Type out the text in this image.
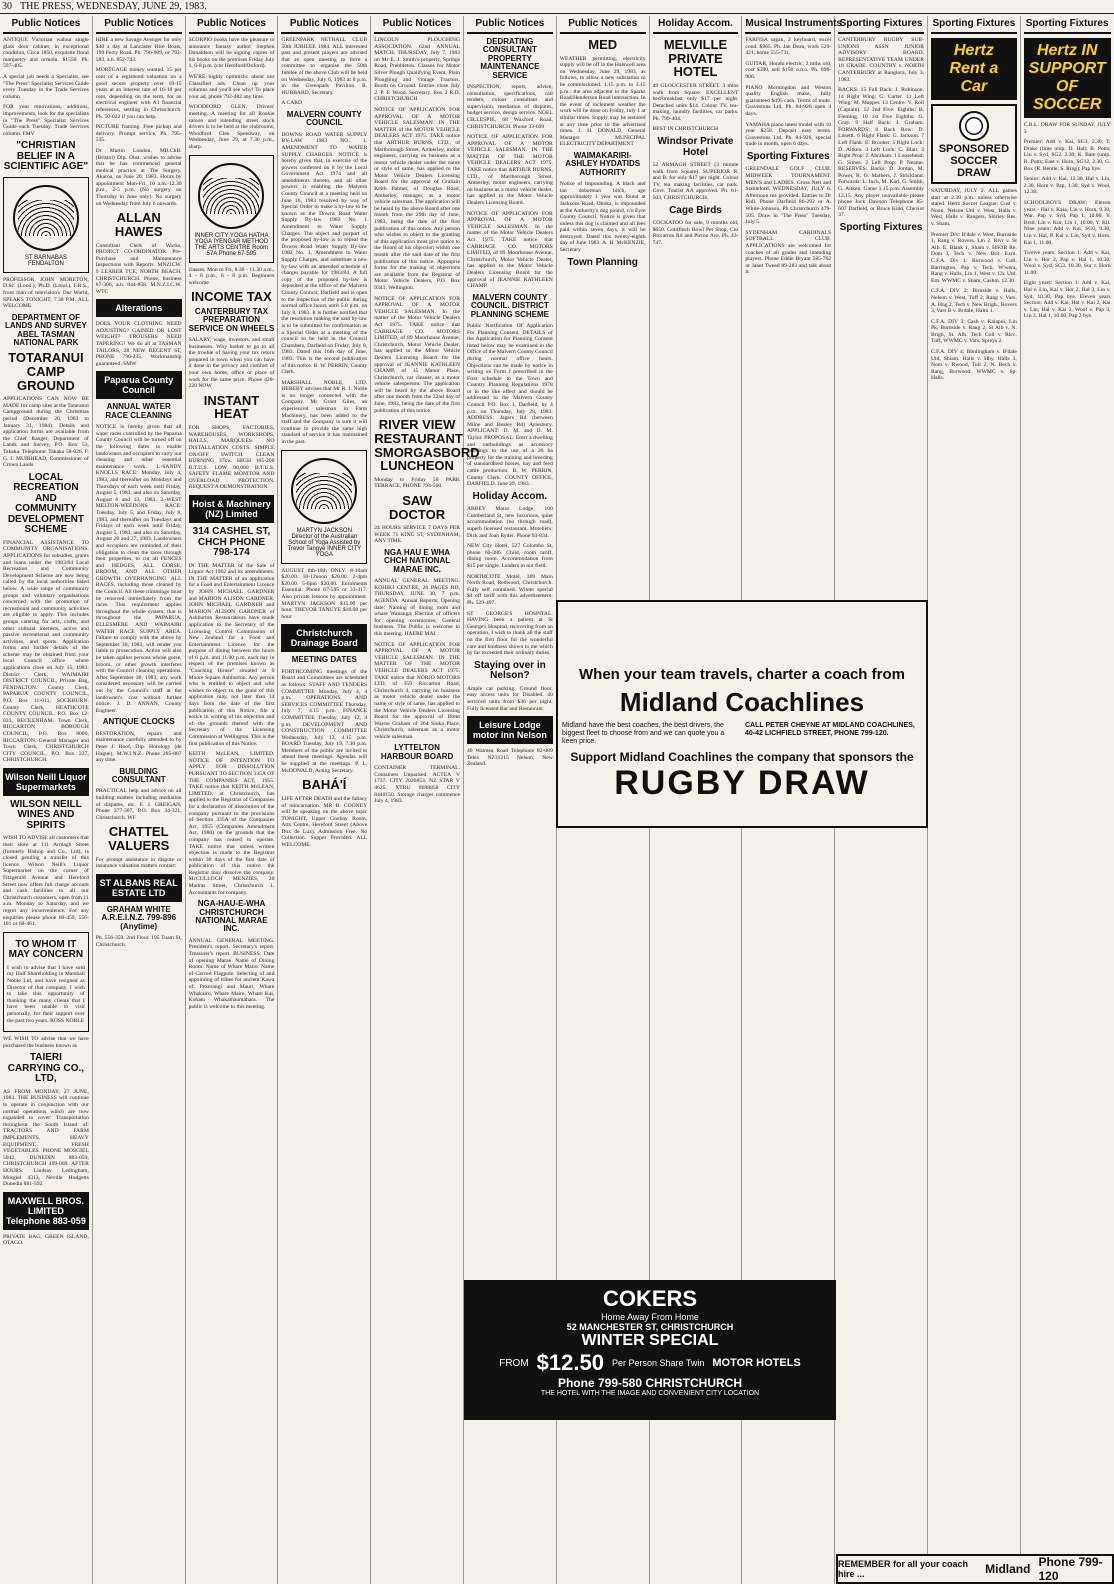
30 THE PRESS, WEDNESDAY, JUNE 29, 1983.
Public Notices
ANTIQUE Victorian walnut single glass door cabinet, in exceptional condition, Circa 1850, exquisite floral marquetry and ormolu. $1550. Ph. 597-405.
A special job needs a Specialist, see "The Press" Specialist Services Guide every Tuesday in the Trade Services column.
FOR your renovations, additions, improvements, look for the specialists in "The Press" Specialist Services Guide each Tuesday. Trade Services column. FMV
"CHRISTIAN BELIEF IN A SCIENTIFIC AGE"
ST BARNABAS FENDALTON
PROFESSOR JOHN MORETON, D.Sc. (Lond.), Ph.D. (Lond.), F.R.S., front man of television's Our World, SPEAKS TONIGHT, 7.30 P.M. ALL WELCOME.
DEPARTMENT OF LANDS AND SURVEY ABEL TASMAN NATIONAL PARK
TOTARANUI CAMP GROUND
APPLICATIONS CAN NOW BE MADE for camp sites at the Totaranui Campground during the Christmas period (December 20, 1983 to January 31, 1984). Details and application forms are available from the Chief Ranger, Department of Lands and Survey, P.O. Box 53, Takaka. Telephone: Takaka 58-026. F. G. J. MUIRHEAD, Commissioner of Crown Lands
LOCAL RECREATION AND COMMUNITY DEVELOPMENT SCHEME
FINANCIAL ASSISTANCE TO COMMUNITY ORGANISATIONS. APPLICATIONS for subsidies, grants and loans under the 1983/84 Local Recreation and Community Development Scheme are now being called by the local authorities listed below. A wide range of community groups and voluntary organisations concerned with the promotion of recreational and community activities are eligible to apply. This includes groups catering for arts, crafts, and other cultural interests, active and passive recreational and community activities, and sports. Application forms and further details of the scheme may be obtained from your local Council office where applications close on July 15, 1983. District Clerk, WAIMAIRI DISTRICT COUNCIL, Private Bag, FENDALTON. County Clerk, PAPARUA COUNTY COUNCIL, P.O. Box 11-011, SOCKBURN. County Clerk, HEATHCOTE COUNTY COUNCIL, P.O. Box 12-033, BECKENHAM. Town Clerk, RICCARTON BOROUGH COUNCIL, P.O. Box 8000, RICCARTON. General Manager and Town Clerk, CHRISTCHURCH CITY COUNCIL, P.O. Box 237, CHRISTCHURCH.
Wilson Neill Liquor Supermarkets
WILSON NEILL WINES AND SPIRITS
WISH TO ADVISE all customers that their store at 111 Armagh Street (formerly Bishop and Co., Ltd), is closed pending a transfer of this licence. Wilson Neill's Liquor Supermarket on the corner of Fitzgerald Avenue and Hereford Street now offers full charge account and cash facilities to all our Christchurch customers, open from 11 a.m. Monday to Saturday, and we regret any inconvenience. For any enquiries please phone 60-459, 556-101 or 68-461.
TO WHOM IT MAY CONCERN
I wish to advise that I have sold my Half Shareholding in Marshall Noble Ltd, and have resigned as Director of that company. I wish to take this opportunity of thanking the many clients that I have been unable to visit personally, for their support over the past two years. ROSS NOBLE
WE WISH TO advise that we have purchased the business known as
TAIERI CARRYING CO., LTD,
AS FROM MONDAY, 27 JUNE, 1983. THE BUSINESS will continue to operate in conjunction with our normal operations which are now expanded to cover: Transportation throughout the South Island of: TRACTORS AND FARM IMPLEMENTS. HEAVY EQUIPMENT. FRESH VEGETABLES. PHONE MOSGIEL 5042, DUNEDIN 883-059, CHRISTCHURCH 499-069. AFTER HOURS: Lindsay Ledingham, Mosgiel 4313, Neville Hodgetts Dunedin 881-592.
MAXWELL BROS. LIMITED Telephone 883-059
PRIVATE BAG, GREEN ISLAND, OTAGO.
Public Notices
HIRE a new Savage Avenger for only $40 a day at Lancaster Hire Boats, 199 Ferry Road. Ph. 796-909, or 792-583, a.h. 852-743.
MORTGAGE money wanted. 15 per cent of a registered valuation on a good secure property over 10-15 years at an interest rate of 16-18 per cent, depending on the term, for an electrical engineer with A1 financial references, settling in Christchurch. Ph. 50-622 if you can help.
PICTURE framing. Free pickup and delivery. Prompt service. Ph. 795-535.
Dr Martin London, MB.ChB. (Bristol) Dip. Obst. wishes to advise that he has commenced general medical practice at The Surgery, Akaroa, on June 20, 1983. Hours by appointment Mon-Fri, 10 a.m.-12.30 p.m., 2-5 p.m. (No surgery on Thursday in June only). No surgery on Wednesday from July 6 onwards.
ALLAN HAWES
Consultant Clerk of Works. PROJECT CO-ORDINATOR. Pre-Purchase and Maintenance Inspections with Reports. MNZICW. 9 LEARER TCE, NORTH BEACH, CHRISTCHURCH. Phone, business 87-306, a.h. 844-858. M.N.Z.I.C.W. WTC
Alterations
DOES YOUR CLOTHING NEED ADJUSTING? GAINED OR LOST WEIGHT? TROUSERS NEED TAPERING? We do all at TASMAN TAILORS, 28 NEW REGENT ST, PHONE 796-235. Workmanship guaranteed. SMW
Paparua County Council
ANNUAL WATER RACE CLEANING
NOTICE is hereby given that all water races controlled by the Paparua County Council will be turned off on the following dates to enable landowners and occupiers to carry out cleaning and other essential maintenance work. 1.-SANDY KNOLLS RACE: Monday, July 4, 1983, and thereafter on Mondays and Thursdays of each week until Friday, August 5, 1983, and also on Saturday, August 6 and 13, 1983. 2.-WEST MELTON-WEEDONS RACE: Tuesday, July 5, and Friday, July 8, 1983, and thereafter on Tuesdays and Fridays of each week until Friday, August 5, 1983, and also on Saturday, August 20 and 27, 1983. Landowners and occupiers are reminded of their obligation to clean the races through their properties, to cut all FENCES and HEDGES, ALL GORSE, BROOM, AND ALL OTHER GROWTH OVERHANGING ALL RACES, including those cleaned by the Council. All these trimmings must be removed immediately from the races. This requirement applies throughout the whole system, that is throughout the PAPARUA, ELLESMERE AND WAIMAIRI WATER RACE SUPPLY AREA. Failure to comply with the above by September 30, 1983, will render you liable to prosecution. Action will also be taken against persons whose gorse, broom, or other growth interferes with the Council cleaning operations. After September 30, 1983, any work considered necessary will be carried out by the Council's staff at the landowner's cost without further notice. J. D. ANNAN, County Engineer.
ANTIQUE CLOCKS
RESTORATION, repairs and maintenance carefully attended to by Peter J. Roof, Dip. Horology (de Hague), M.W.I.N.Z. Phone 285-887 any time.
BUILDING CONSULTANT
PRACTICAL help and advice on all building matters including mediation of disputes, etc. F. J. GREIGAN, Phone 377-307, P.O. Box 34-321, Christchurch. WF
CHATTEL VALUERS
For prompt assistance in dispute or insurance valuation matters contact:
ST ALBANS REAL ESTATE LTD
GRAHAM WHITE A.R.E.I.N.Z. 799-896 (Anytime)
Ph. 556-359. 2nd Floor. 195 Tuam St, Christchurch.
Public Notices
SCORPIO books have the pleasure to announce fantasy author Stephen Donaldson will be signing copies of his books on the premises Friday July 1, 6-8 p.m. (cnr Hereford/Oxford).
WE'RE highly optimistic about our Classified ads. Clean up your columns and you'll see why! To place your ad, phone 792-482 any time.
WOODFORD GLEN. Drivers' meeting. A meeting for all Rookie saloon and intending street stock drivers is to be held at the clubrooms, Woodford Glen Speedway, on Wednesday, June 29, at 7.30 p.m., sharp.
INNER CITY YOGA HATHA YOGA IYENGAR METHOD THE ARTS CENTRE Room 57A Phone 67-595
classes, Mon to Fri, 8.30 - 11.30 a.m., 4 - 6 p.m., 6 - 8 p.m. Beginners welcome
INCOME TAX
CANTERBURY TAX PREPARATION SERVICE ON WHEELS
SALARY, wage, investors, and small businesses. Why bother to go to all the trouble of having your tax return prepared in town when you can have it done in the privacy and comfort of your own home, office or place of work for the same price. Phone 428-220 NOW
INSTANT HEAT
FOR SHOPS, FACTORIES, WAREHOUSES, WORKSHOPS, HALLS, MARQUEES. NO INSTALLATION COSTS. SIMPLE ON/OFF SWITCH. CLEAN BURNING 37kw. HIGH 105-200 B.T.U.S. LOW 90,000 B.T.U.S. SAFETY FLAME MONITOR AND OVERLOAD PROTECTION. REQUEST A DEMONSTRATION.
Hoist & Machinery (NZ) Limited
314 CASHEL ST, CHCH PHONE 798-174
IN THE MATTER of the Sale of Liquor Act 1962 and its amendments. IN THE MATTER of an application for a Food and Entertainment Licence by JOHN MICHAEL GARDNER and MARION ALISON GARDNER. JOHN MICHAEL GARDNER and MARION ALISON GARDNER of Ashburton Restaurateurs have made application to the Secretary of the Licensing Control Commission of New Zealand for a Food and Entertainment Licence for the purpose of dining between the hours of 6 p.m. and 11.00 p.m. each day in respect of the premises known as "Coaching House" situated at 9 Moore Square Ashburton. Any person who is entitled to object and who wishes to object to the grant of this application may, not later than 14 days from the date of the first publication of this Notice, file a notice in writing of his objection and of the grounds thereof with the Secretary of the Licensing Commission at Wellington. This is the first publication of this Notice.
KEITH McLEAN, LIMITED. NOTICE OF INTENTION TO APPLY FOR DISSOLUTION PURSUANT TO SECTION 335A OF THE COMPANIES ACT, 1955. TAKE notice that KEITH McLEAN, LIMITED, at Christchurch, has applied to the Registrar of Companies for a declaration of dissolution of the company pursuant to the provisions of Section 335A of the Companies Act, 1955 (Companies Amendment Act, 1980) on the grounds that the company has ceased to operate. TAKE notice that unless written objection is made to the Registrar within 30 days of the first date of publication of this notice the Registrar may dissolve the company. McCULLOCH MENZIES, 20 Madras Street, Christchurch 1. Accountants for company.
NGA-HAU-E-WHA CHRISTCHURCH NATIONAL MARAE INC.
ANNUAL GENERAL MEETING. President's report. Secretary's report. Treasurer's report. BUSINESS: Date of opening Marae. Name of Dining Room. Name of Whare Maire. Name of Carved Flagpole. Selecting of and appointing of tribes for ancient Kawa of: Pekerangi and Mauri, Whare Whakairo, Whare Maire, Whare Kai, Kohatu Whakamaumahara. The public is welcome to this meeting.
Public Notices
GREENPARK NETBALL CLUB 50th JUBILEE 1984. ALL interested past and present players are advised that an open meeting to form a committee to organise the 50th Jubilee of the above Club will be held on Wednesday, July 6, 1983 at 8 p.m. in the Greenpark Pavilion. R. HUBBARD, Secretary.
A CARD
MALVERN COUNTY COUNCIL
DOWNS ROAD WATER SUPPLY BY-LAW 1983 NO. 1. AMENDMENT TO WATER SUPPLY CHARGES. NOTICE is hereby given that, in exercise of the powers conferred on it by the Local Government Act 1974 and all amendments thereto, and all other powers it enabling the Malvern County Council at a meeting held on June 16, 1983 resolved by way of Special Order to make a by-law to be known as the Downs Road Water Supply By-law 1983 No. 1 Amendment to Water Supply Charges. The object and purport of the proposed by-law is to repeal the Downs Road Water Supply By-law 1982 No. 1, Amendment to Water Supply Charges, and substitute a new by-law with an amended schedule of charges payable for 1983/84. A full copy of the proposed by-law is deposited at the office of the Malvern County Council, Darfield and is open to the inspection of the public during normal office hours until 5.0 p.m. on July 8, 1983. It is further notified that the resolution making the said by-law is to be submitted for confirmation as a Special Order at a meeting of the council to be held in the Council Chambers, Darfield on Friday, July 8, 1983. Dated this 16th day of June, 1983. This is the second publication of this notice. B. W. PERRIN, County Clerk.
MARSHALL NOBLE, LTD. HEREBY advises that Mr R. J. Noble is no longer connected with the Company. Mr Grant Giles, an experienced salesman in Farm Machinery, has been added to the staff and the Company is sure it will continue to provide the same high standard of service it has maintained in the past.
MARTYN JACKSON Director of the Australian School of Yoga Assisted by Trevor Tangye INNER CITY YOGA
AUGUST 8th-10th ONLY. 8-10am $20.00. 10-12noon $20.00. 2-4pm $20.00. 5-6pm $20.00. Enrolments Essential. Phone 67-595 or 33-417. Also private lessons by appointment. MARTYN JACKSON $15.00 per hour. TREVOR TANGYE $10.00 per hour
Christchurch Drainage Board
MEETING DATES
FORTHCOMING meetings of the Board and Committees are scheduled as follows: STAFF AND TENDERS COMMITTEE Monday, July 4, 4 p.m. OPERATIONS AND SERVICES COMMITTEE Thursday, July 7, 4.15 p.m. FINANCE COMMITTEE Tuesday, July 12, 4 p.m. DEVELOPMENT AND CONSTRUCTION COMMITTEE Wednesday, July 13, 4.15 p.m. BOARD Tuesday, July 19, 7.30 p.m. Members of the public are invited to attend these meetings. Agendas will be supplied at the meetings. P. L. McDONALD, Acting Secretary.
BAHÁ'Í
LIFE AFTER DEATH and the fallacy of reincarnation. MR B. COONEY will be speaking on the above topic TONIGHT. Upper Gonbay Room, Arts Centre, Hereford Street (Above Dux de Lux). Admission Free. No Collection. Supper Provided. ALL WELCOME.
Public Notices
LINCOLN PLOUGHING ASSOCIATION. 62nd ANNUAL MATCH. THURSDAY, July 7, 1983 on Mr E. J. Smith's property, Springs Road, Prebbleton. Classes for Motor Silver Plough Qualifying Event, Plain Ploughing and Vintage Tractors. Booth on Ground. Entries close July 2. P. F. Wood, Secretary. Box 2 R.D. CHRISTCHURCH
NOTICE OF APPLICATION FOR APPROVAL OF A MOTOR VEHICLE SALESMAN. IN THE MATTER of the MOTOR VEHICLE DEALERS ACT 1975. TAKE notice that ARTHUR BURNS, LTD., of Marlborough Street, Amberley, motor engineers, carrying on business as a motor vehicle dealer under the name or style of same, has applied to the Motor Vehicle Dealers Licensing Board for the approval of Graham Keith Palmer, of Douglas Road, Amberley, manager, as a motor vehicle salesman. The application will be heard by the above Board after one month from the 29th day of June, 1983, being the date of the first publication of this notice. Any person who wishes to object to the granting of this application must give notice to the Board of his objection within one month after the said date of the first publication of this notice. Approprie forms for the making of objections are available from the Registrar of Motor Vehicle Dealers, P.O. Box 9341, Wellington.
NOTICE OF APPLICATION FOR APPROVAL OF A MOTOR VEHICLE SALESMAN. In the matter of the Motor Vehicle Dealers Act 1975. TAKE notice that CARRIAGE CO. MOTORS LIMITED, of 89 Moorhouse Avenue, Christchurch, Motor Vehicle Dealer, has applied to the Motor Vehicle Dealers Licensing Board for the approval of JEANNIE KATHLEEN CHAMP, of 15 Manor Place, Christchurch, car cleaner, as a motor vehicle salesperson. The application will be heard by the above Board after one month from the 22nd day of June, 1983, being the date of the first publication of this notice.
RIVER VIEW RESTAURANT SMORGASBORD LUNCHEON
Monday to Friday 50 PARK TERRACE, PHONE 794-560.
SAW DOCTOR
24 HOURS SERVICE 7 DAYS PER WEEK 71 KING ST, SYDENHAM, ANY TIME.
NGA HAU E WHA CHCH NATIONAL MARAE INC.
ANNUAL GENERAL MEETING. KOHIKI CENTRE, 26 PAGES RD, THURSDAY, JUNE 30, 7 p.m. AGENDA: Annual Reports; Opening date; Naming of dining room and whare Wananga; Election of officers for opening ceremonies; General business. The Public is welcome to this meeting. HAERE MAI
NOTICE OF APPLICATION FOR APPROVAL OF A MOTOR VEHICLE SALESMAN. IN THE MATTER OF THE MOTOR VEHICLE DEALERS ACT 1975. TAKE notice that NORJO MOTORS LTD, of 359 Riccarton Road, Christchurch 4, carrying on business as motor vehicle dealer under the name or style of same, has applied to the Motor Vehicle Dealers Licensing Board for the approval of Brent Wayne Graham of 264 Sioka Place, Christchurch, salesman as a motor vehicle salesman.
LYTTELTON HARBOUR BOARD
CONTAINER TERMINAL. Containers Unpacked. ACTEA V 1737. CITY 2026853. NZ STAR V 4625. XTRU 8698858 CITY 8440150. Storage charges commence July 4, 1983.
Public Notices
DEDRATING CONSULTANT PROPERTY MAINTENANCE SERVICE
INSPECTION, report, advice, consultation, specifications, call tenders, colour consultant and supervision, mediation of disputes, budget service, design service. NOEL GILLESPIE, 68 Waxford Road, CHRISTCHURCH. Phone 33-699
NOTICE OF APPLICATION FOR APPROVAL OF A MOTOR VEHICLE SALESMAN. IN THE MATTER OF THE MOTOR VEHICLE DEALERS ACT 1975. TAKE notice that ARTHUR BURNS, LTD., of Marlborough Street, Amberley, motor engineers, carrying on business as a motor vehicle dealer, has applied to the Motor Vehicle Dealers Licensing Board.
NOTICE OF APPLICATION FOR APPROVAL OF A MOTOR VEHICLE SALESMAN. In the matter of the Motor Vehicle Dealers Act 1975. TAKE notice that CARRIAGE CO. MOTORS LIMITED, of 89 Moorhouse Avenue, Christchurch, Motor Vehicle Dealer, has applied to the Motor Vehicle Dealers Licensing Board for the approval of JEANNIE KATHLEEN CHAMP.
MALVERN COUNTY COUNCIL. DISTRICT PLANNING SCHEME
Public Notification Of Application For Planning Consent. DETAILS of the Application for Planning Consent listed below may be examined in the Office of the Malvern County Council during normal office hours. Objections can be made by notice in writing on Form J prescribed in the First schedule to the Town and Country Planning Regulations 1978 or to the like effect and should be addressed to the Malvern County Council P.O. Box 1, Darfield, by 4 p.m. on Thursday, July 28, 1983. ADDRESS: Jagers Rd (between Milne and Bealey Rd) Aylesbury. APPLICANT: D. M. and D. M. Taylor. PROPOSAL: Erect a dwelling and outbuildings as accessory buildings to the use of a 20 ha property for the training and breeding of standardbred horses, hay and feed cattle production. B. W. PERRIN, County Clerk. COUNTY OFFICE, DARFIELD. June 29, 1983.
Holiday Accom.
ABBEY Motor Lodge, 100 Cumberland St, new luxurious, quiet accommodation (no through road), superb licensed restaurant. Moteliers: Dick and Joan Ryder. Phone 93-834.
NEW City Hotel, 527 Colombo St, phone 60-386. Child, room tariff, dining room. Accommodation from $15 per single. Leaders in our field.
NORTHCOTE Motel, 309 Main North Road, Redwood, Christchurch. Fully self contained. Winter special $4 off tariff with this advertisement. Ph. 529-497.
ST GEORGE'S HOSPITAL. HAVING been a patient at St George's Hospital, recovering from an operation, I wish to thank all the staff on the first floor for the wonderful care and kindness shown to me which by far exceeded their ordinary duties.
Staying over in Nelson?
Ample car parking. Ground floor, easy access units for Disabled. 40 serviced units from $36 per night. Fully licensed Bar and Restaurant.
Leisure Lodge motor inn Nelson
40 Waimea Road Telephone 82-089 Telex NZ31215 Nelson, New Zealand.
Public Notices
MED
WEATHER permitting, electricity supply will be off in the Halswell area on Wednesday, June 29, 1983, as follows, to allow a new substation to be commissioned. 1.15 p.m. to 3.15 p.m.: the area adjacent to the Sparks Road/Henderson Road intersection. In the event of inclement weather the work will be done on Friday, July 1 at similar times. Supply may be restored at any time prior to the advertised times. J. H. DONALD, General Manager. MUNICIPAL ELECTRICITY DEPARTMENT
WAIMAKARIRI-ASHLEY HYDATIDS AUTHORITY
Notice of Impounding. A black and tan doberman bitch, age approximately 1 year was found at Jacksons Road, Ohoka, is impounded at the Authority's dog pound, c/o Eyre County Council. Notice is given that unless this dog is claimed and all fees paid within seven days, it will be destroyed. Dated this twenty-eighth day of June 1983. A. H. McKENZIE, Secretary
Town Planning
Holiday Accom.
MELVILLE PRIVATE HOTEL
49 GLOUCESTER STREET. 3 mins walk from Square. EXCELLENT bed/breakfast only $17 per night. Detached units $14. Colour TV, tea-making, laundry facilities, car parks. Ph. 799-404.
BEST IN CHRISTCHURCH
Windsor Private Hotel
52 ARMAGH STREET (3 minute walk from Square). SUPERIOR B. and B. for only $17 per night. Colour TV, tea making facilities, car park. Govt. Tourist AA approved. Ph. 61-503, CHRISTCHURCH.
Cage Birds
COCKATOO for sale, 9 months old, $650. Goldfinch Bowl Pet Shop, Cnr Riccarton Rd and Picton Ave. Ph. 43-747.
Musical Instruments
FARFISA organ, 2 keyboard, excel cond. $965. Ph. Jan Dean, work 529-421, home 555-731.
GUITAR, Hondo electric, 2 mths old, cost $390, sell $150 o.n.o. Ph. 896-906.
PIANO Morningdon and Weston quality English make, fully guaranteed $495 cash. Terms of trade. Gravestons Ltd. Ph. 84-926 open 4 days.
YAMAHA piano latest model with 10 year $258. Deposit easy terms. Gravestons Ltd. Ph. 84-926, special trade in month, open 6 days.
Sporting Fixtures
GREENDALE GOLF CLUB. MIDWEEK TOURNAMENT. MEN'S and LADIES. Gross Nett and Stableford. WEDNESDAY, JULY 6. Afternoon tea provided. Entries to Dr Ridl. Phone Darfield 86-292 or A. White-Johnson, Ph Christchurch 479-505. Draw in "The Press" Tuesday, July 5.
SYDENHAM CARDINALS SOFTBALL CLUB. APPLICATIONS are welcomed for coaches of all grades and intending players. Phone Eddie Bryant 585-762 or Janet Tweed 89-283 and talk about it.
Sporting Fixtures
CANTERBURY RUGBY SUB-UNIONS ASSN JUNIOR ADVISORY BOARD. REPRESENTATIVE TEAM UNDER 18 GRADE. COUNTRY v. NORTH CANTERBURY at Rangiora, July 3, 1983.
BACKS: 15 Full Back: J. Robinson. 14 Right Wing: G. Carter. 11 Left Wing: M. Mapper. 13 Centre: V. Roll (Captain). 12 2nd Five: Eighths: B. Fleming. 10 1st Five Eighths: G. Gray. 9 Half Back: J. Graham. FORWARDS: 8 Back Row: D. Lusettt. 6 Right Flank: G. Jackson. 7 Left Flank: E. Brooker. 5 Right Lock: D. Aitken. 4 Left Lock: C. Blair. 3 Right Prop: J. Abraham. 1 Loosehead: G. Simes. 2 Left Prop: P. Neame. RESERVES: Backs: D. Jordan, M. Power, R. O. Mathers, J. Strickland. Forwards: L. Inch, M. Karl, G. Smith, G. Aitken. Game 1.15 p.m. Assembly 12.15. Any player unavailable please phone Jock Dawson Telephone 85-607 Darfield, or Bruce Kidd, Cheviot 37.
Sporting Fixtures
Sporting Fixtures
Hertz Rent a Car
SPONSORED SOCCER DRAW
SATURDAY, JULY 2. ALL games start at 2.30 p.m. unless otherwise stated. Hertz Soccer League: Cust v. Noon, Nelson Utd v. West, Halls v. West, Halls v. Rangers, Shirley Res. v. Sham.
Premier Div: B'dale v. West, Burnside 1, Rang v. Rovers, Lin 2. Rivr v. St Alb. E. Blank 1, Sham v. HSOB Re. Dom I, Tech v. New Brit. Exm. C.F.A. Div 1: Burwood v. Coll. Barrington, Pap v. Tech. W'wera, Rang v. Halls, Lin 1, West v. Ch. Utd. Ern. WWMC v. Sham, Cashm. 12.30.
C.F.A. DIV 2: Birnside v. Halls, Nelson v. West, Tuff 2, Rang v. Vars. A. Hng 2, Tech v. New Brigh., Rovers 3, Vars B v. Brdale, Halm 1.
C.F.A. DIV 3: Cash v. Kaiapoi, Lin Pk, Burnside v. Rang 2, St Alb v. N. Brigh, St. Alb. Tech Coll v. Rlcc. Tuff, WWMC v. Vars, Spreys 2.
C.F.A. DIV 4: Bbnlingham v. B'dale Utd, Shiam. Halls v. Hby. Halls 3, Nom v. Rwood, Tull 2, N. Bech v. Rang, Burwood. WWMC v. Sp. Halls.
Sporting Fixtures
Hertz IN SUPPORT OF SOCCER
C.R.L. DRAW FOR SUNDAY, JULY 3
Premier: Add v. Kai, SG3, 2.30; T. Drake (time ump. D. Hall; B. Potts; Lin v. Syd, SG2, 2.30; K. Bate (ump. R. Potts; East v. Horn, SG12, 2.30, G. Box (R. Bentle, S. Ring); Pap bye.
Senior: Add v. Kai, 12.30, Hal v. Lin, 2.30, Horn v. Pap, 1.30, Syd v. Wool, 12.30.
SCHOOLBOYS DRAW: Eleven years - Hal v. Kaia, Lin v. Horn, 9.30, War, Pap v. Syd, Pap 1, 10.00, Y. Brstl. Lin v. Kur, Lin 1, 10.00, Y. Kll. Nine years: Add v. Kai, SG6, 9.30, Lin v. Hal, P. Kai v. Lin, Syd v. Horn, Kai 1, 11.00.
Twelve years: Section 1: Add v. Kai, Lin v. Hor 2, Pap v. Hal 1, 10.30, Wool v. Syd, SG3, 10.30, Sur v. Horn 11.00.
Eight years: Section 1: Add v. Kai, Hal v. Lin, Kai v. Hor 2, Hal 3, Lin v. Syd, 10.30, Pap bye. Eleven years Section: Add v. Kai, Hal v. Kai 2, Kai v. Lin, Hal v. Kai 2, Wool v. Pap 3, Lin 3, Hal 1, 10.00, Pap 2 bye.
When your team travels, charter a coach from
Midland Coachlines
Midland have the best coaches, the best drivers, the biggest fleet to choose from and we can quote you a keen price.
CALL PETER CHEYNE AT MIDLAND COACHLINES, 40-42 LICHFIELD STREET, PHONE 799-120.
Support Midland Coachlines the company that sponsors the
RUGBY DRAW
COKERS
Home Away From Home
52 MANCHESTER ST, CHRISTCHURCH
WINTER SPECIAL
FROM $12.50 Per Person Share Twin MOTOR HOTELS
Phone 799-580 CHRISTCHURCH
THE HOTEL WITH THE IMAGE AND CONVENIENT CITY LOCATION
REMEMBER for all your coach hire ...	Midland Phone 799-120
